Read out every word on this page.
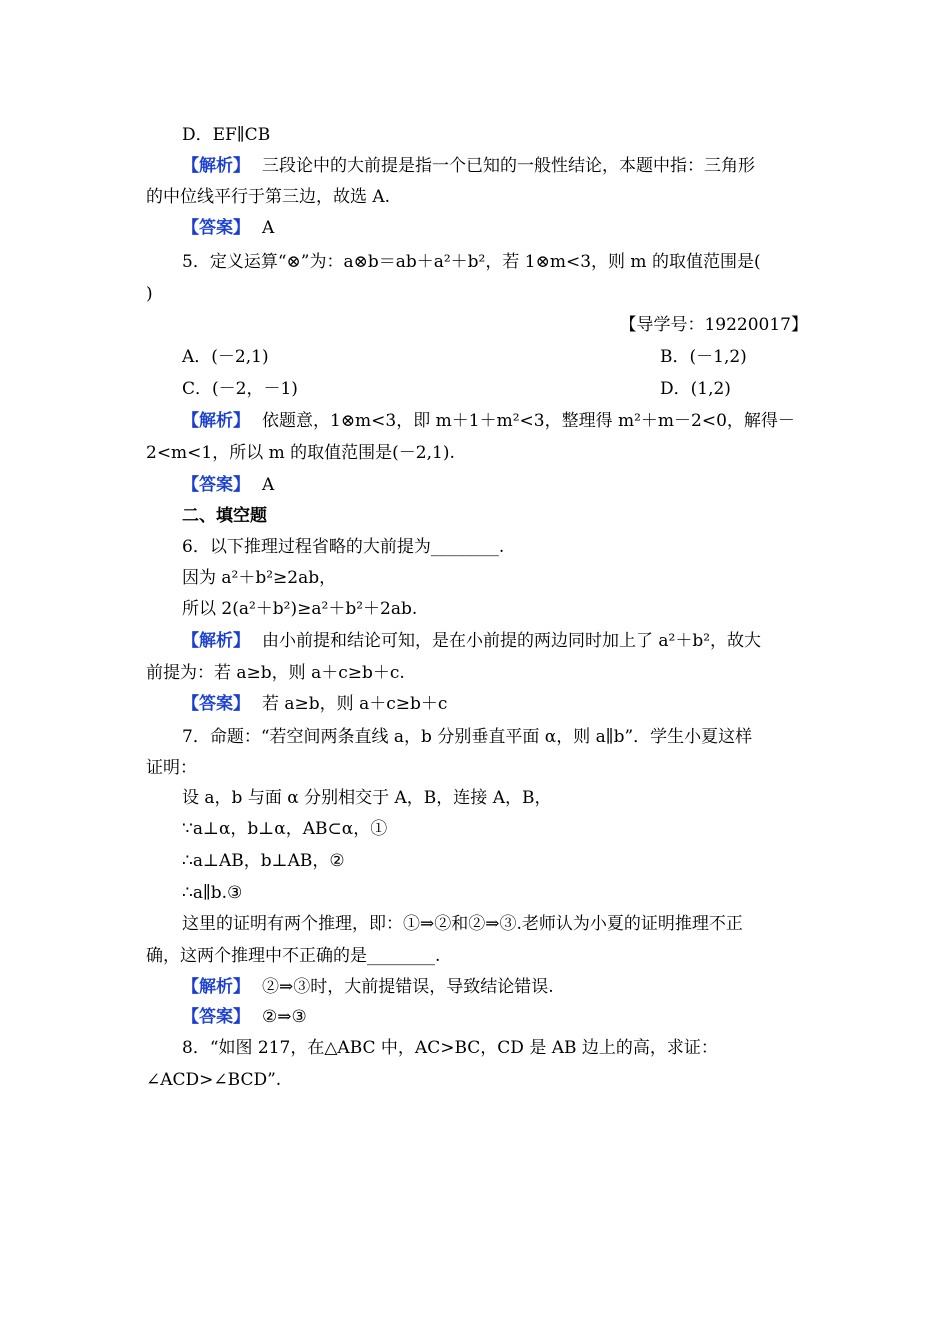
D．EF∥CB
【解析】 三段论中的大前提是指一个已知的一般性结论，本题中指：三角形
的中位线平行于第三边，故选 A.
【答案】 A
5．定义运算“⊗”为：a⊗b＝ab＋a²＋b²，若 1⊗m<3，则 m 的取值范围是(
)
【导学号：19220017】
A．(－2,1)	B．(－1,2)
C．(－2，－1)	D．(1,2)
【解析】 依题意，1⊗m<3，即 m＋1＋m²<3，整理得 m²＋m－2<0，解得－
2<m<1，所以 m 的取值范围是(－2,1).
【答案】 A
二、填空题
6．以下推理过程省略的大前提为________.
因为 a²＋b²≥2ab，
所以 2(a²＋b²)≥a²＋b²＋2ab.
【解析】 由小前提和结论可知，是在小前提的两边同时加上了 a²＋b²，故大
前提为：若 a≥b，则 a＋c≥b＋c.
【答案】 若 a≥b，则 a＋c≥b＋c
7．命题：“若空间两条直线 a，b 分别垂直平面 α，则 a∥b”．学生小夏这样
证明：
设 a，b 与面 α 分别相交于 A，B，连接 A，B，
∵a⊥α，b⊥α，AB⊂α，①
∴a⊥AB，b⊥AB，②
∴a∥b.③
这里的证明有两个推理，即：①⇒②和②⇒③.老师认为小夏的证明推理不正
确，这两个推理中不正确的是________.
【解析】 ②⇒③时，大前提错误，导致结论错误.
【答案】 ②⇒③
8．“如图 217，在△ABC 中，AC>BC，CD 是 AB 边上的高，求证：
∠ACD>∠BCD”.
